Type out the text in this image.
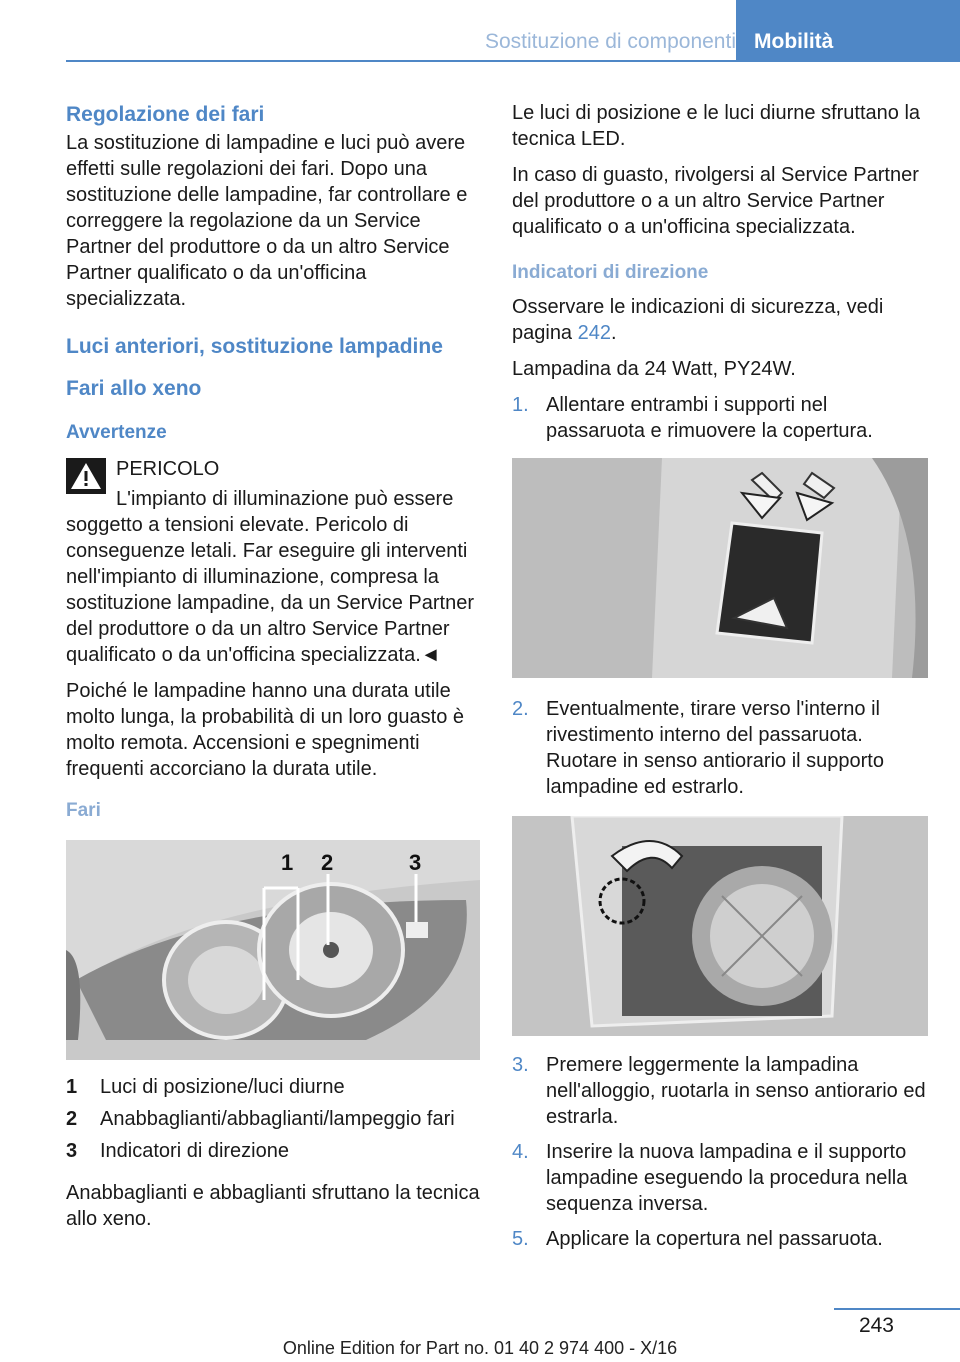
Sostituzione di componenti Mobilità
Regolazione dei fari

La sostituzione di lampadine e luci può avere effetti sulle regolazioni dei fari. Dopo una sostituzione delle lampadine, far controllare e correggere la regolazione da un Service Partner del produttore o da un altro Service Partner qualificato o da un'officina specializzata.

Luci anteriori, sostituzione lampadine
Fari allo xeno
Avvertenze

PERICOLO

L'impianto di illuminazione può essere soggetto a tensioni elevate. Pericolo di conseguenze letali. Far eseguire gli interventi nell'impianto di illuminazione, compresa la sostituzione lampadine, da un Service Partner del produttore o da un altro Service Partner qualificato o da un'officina specializzata.◄

Poiché le lampadine hanno una durata utile molto lunga, la probabilità di un loro guasto è molto remota. Accensioni e spegnimenti frequenti accorciano la durata utile.

Fari
1 2	3
1 Luci di posizione/luci diurne
2 Anabbaglianti/abbaglianti/lampeggio fari
3 Indicatori di direzione

Anabbaglianti e abbaglianti sfruttano la tecnica allo xeno.

Le luci di posizione e le luci diurne sfruttano la tecnica LED.

In caso di guasto, rivolgersi al Service Partner del produttore o a un altro Service Partner qualificato o a un'officina specializzata.

Indicatori di direzione

Osservare le indicazioni di sicurezza, vedi pagina 242.

Lampadina da 24 Watt, PY24W.

1. Allentare entrambi i supporti nel passaruota e rimuovere la copertura.
2. Eventualmente, tirare verso l'interno il rivestimento interno del passaruota. Ruotare in senso antiorario il supporto lampadine ed estrarlo.
3. Premere leggermente la lampadina nell'alloggio, ruotarla in senso antiorario ed estrarla.
4. Inserire la nuova lampadina e il supporto lampadine eseguendo la procedura nella sequenza inversa.
5. Applicare la copertura nel passaruota.
243
Online Edition for Part no. 01 40 2 974 400 - X/16
